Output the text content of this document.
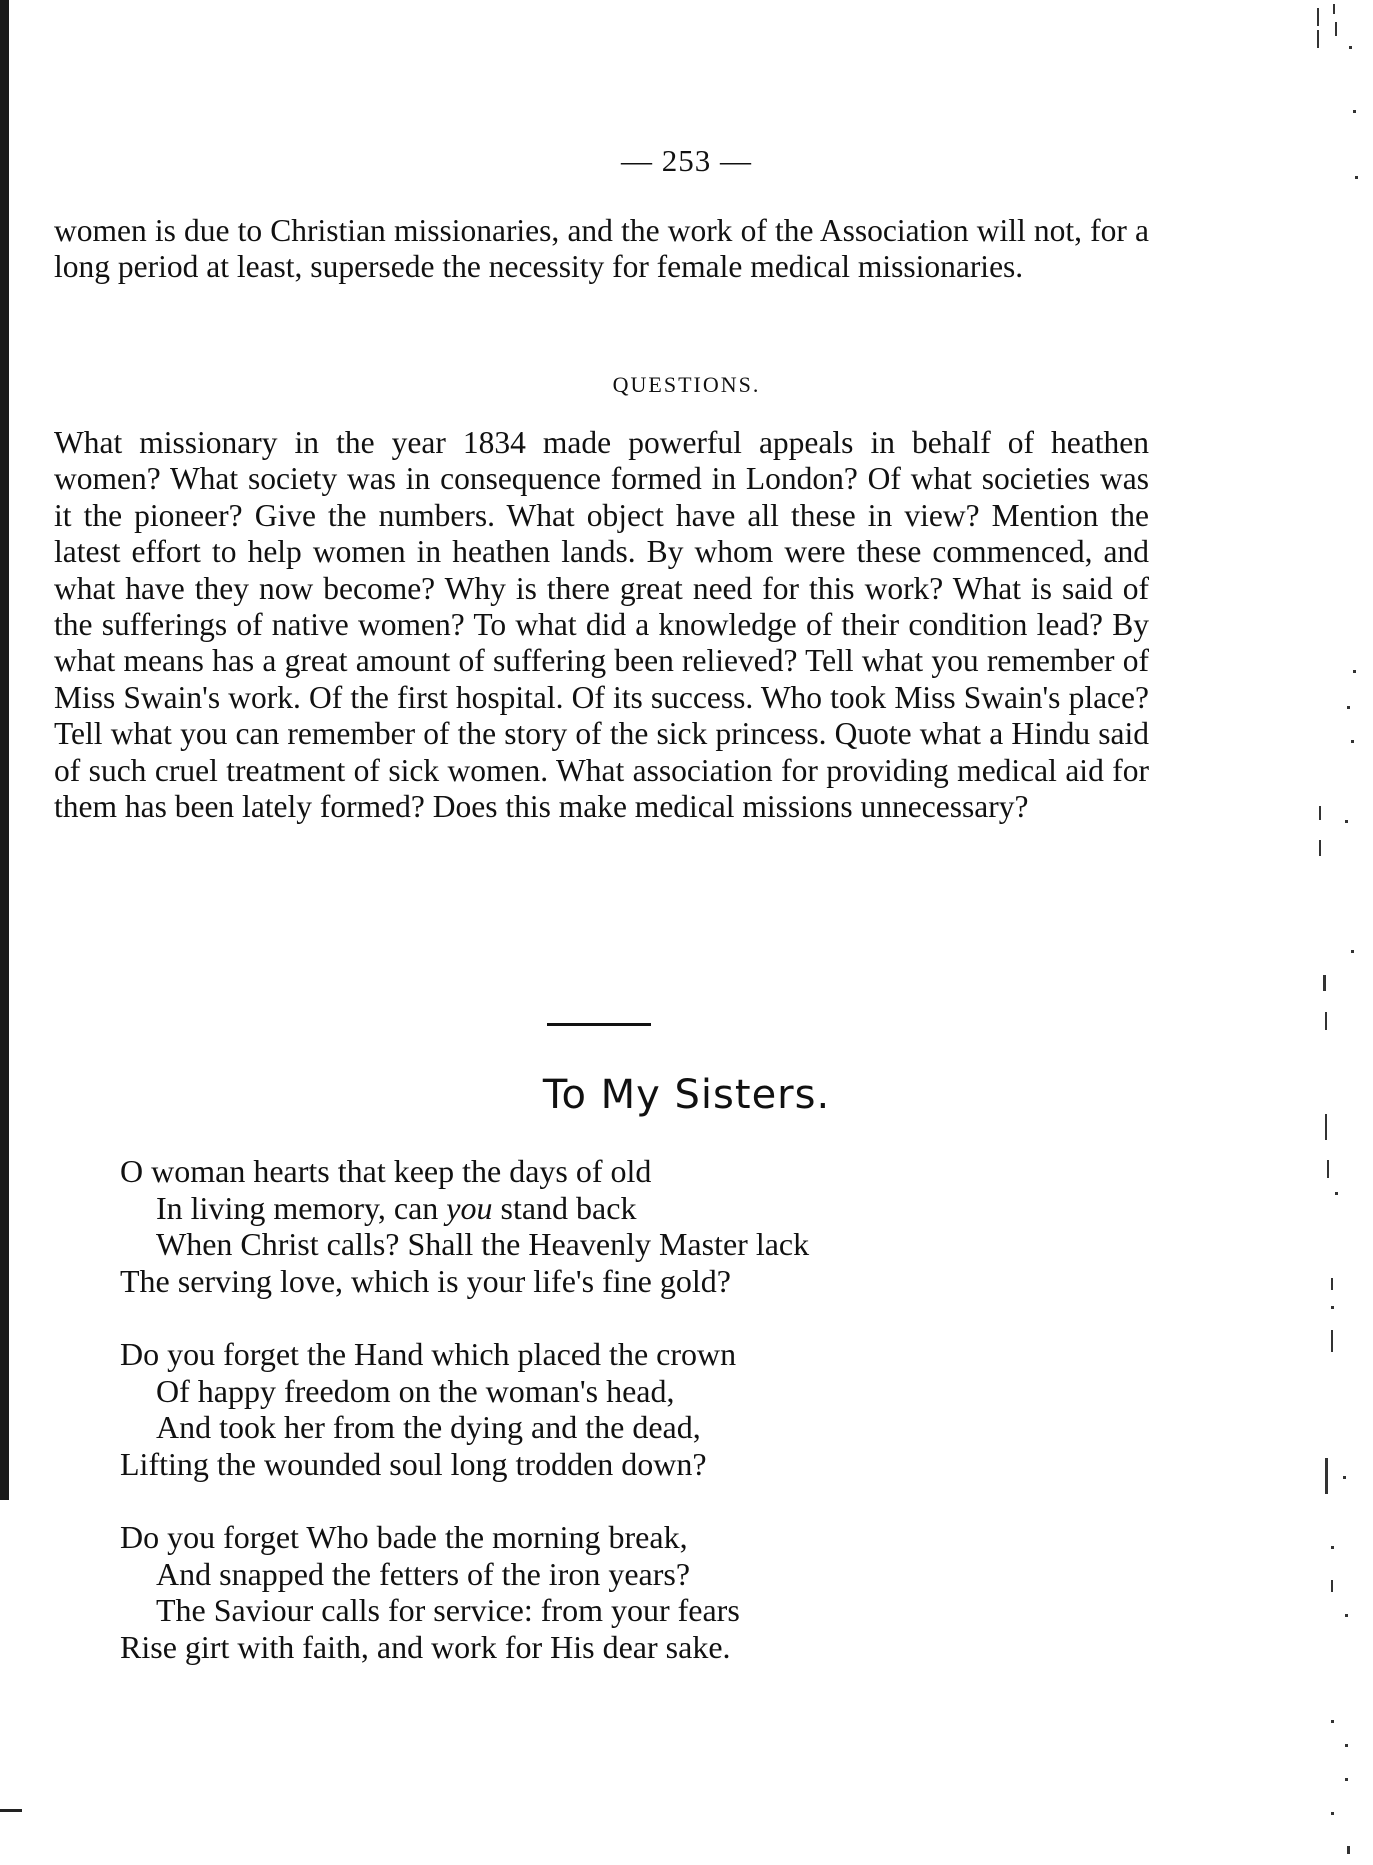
— 253 —

women is due to Christian missionaries, and the work of the Association will not, for a long period at least, supersede the necessity for female medical missionaries.

QUESTIONS.

What missionary in the year 1834 made powerful appeals in behalf of heathen women? What society was in consequence formed in London? Of what societies was it the pioneer? Give the numbers. What object have all these in view? Mention the latest effort to help women in heathen lands. By whom were these commenced, and what have they now become? Why is there great need for this work? What is said of the sufferings of native women? To what did a knowledge of their condition lead? By what means has a great amount of suffering been relieved? Tell what you remember of Miss Swain's work. Of the first hospital. Of its success. Who took Miss Swain's place? Tell what you can remember of the story of the sick princess. Quote what a Hindu said of such cruel treatment of sick women. What association for providing medical aid for them has been lately formed? Does this make medical missions unnecessary?

To My Sisters.
O woman hearts that keep the days of old
In living memory, can you stand back
When Christ calls? Shall the Heavenly Master lack
The serving love, which is your life's fine gold?
Do you forget the Hand which placed the crown
Of happy freedom on the woman's head,
And took her from the dying and the dead,
Lifting the wounded soul long trodden down?
Do you forget Who bade the morning break,
And snapped the fetters of the iron years?
The Saviour calls for service: from your fears
Rise girt with faith, and work for His dear sake.
